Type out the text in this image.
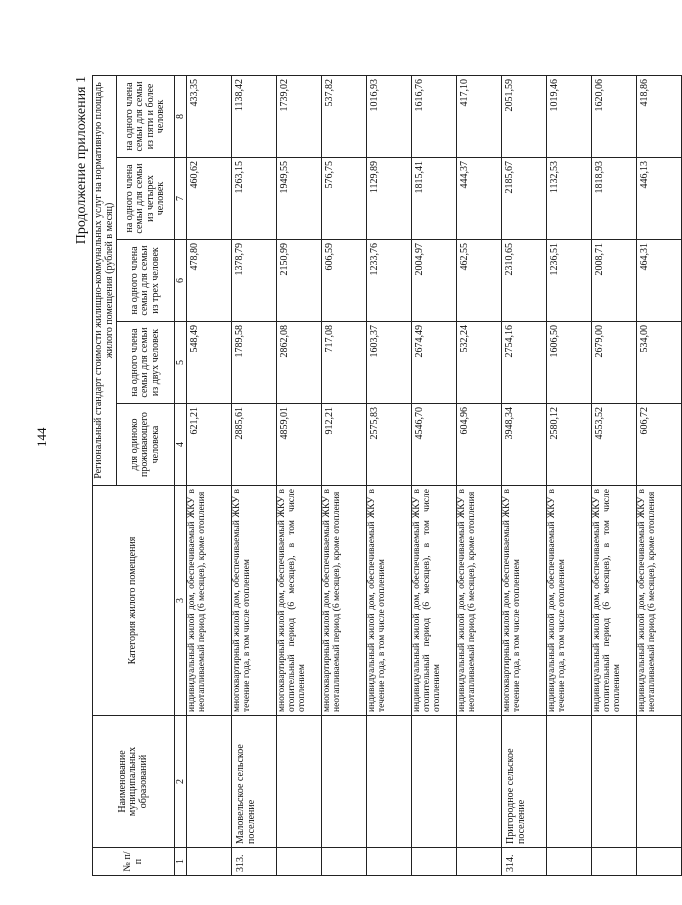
144
Продолжение приложения 1
№ п/п	Наименование муниципальных образований	Категория жилого помещения	Региональный стандарт стоимости жилищно-коммунальных услуг на нормативную площадь жилого помещения (рублей в месяц)				
			для одиноко проживающего человека	на одного члена семьи для семьи из двух человек	на одного члена семьи для семьи из трех человек	на одного члена семьи для семьи из четырех человек	на одного члена семьи для семьи из пяти и более человек
1	2	3	4	5	6	7	8
		индивидуальный жилой дом, обеспечиваемый ЖКУ в неотапливаемый период (6 месяцев), кроме отопления	621,21	548,49	478,80	460,62	433,35
313.	Маловельское сельское поселение	многоквартирный жилой дом, обеспечиваемый ЖКУ в течение года, в том числе отоплением	2885,61	1789,58	1378,79	1263,15	1138,42
		многоквартирный жилой дом, обеспечиваемый ЖКУ в отопительный период (6 месяцев), в том числе отоплением	4859,01	2862,08	2150,99	1949,55	1739,02
		многоквартирный жилой дом, обеспечиваемый ЖКУ в неотапливаемый период (6 месяцев), кроме отопления	912,21	717,08	606,59	576,75	537,82
		индивидуальный жилой дом, обеспечиваемый ЖКУ в течение года, в том числе отоплением	2575,83	1603,37	1233,76	1129,89	1016,93
		индивидуальный жилой дом, обеспечиваемый ЖКУ в отопительный период (6 месяцев), в том числе отоплением	4546,70	2674,49	2004,97	1815,41	1616,76
		индивидуальный жилой дом, обеспечиваемый ЖКУ в неотапливаемый период (6 месяцев), кроме отопления	604,96	532,24	462,55	444,37	417,10
314.	Пригородное сельское поселение	многоквартирный жилой дом, обеспечиваемый ЖКУ в течение года, в том числе отоплением	3948,34	2754,16	2310,65	2185,67	2051,59
		индивидуальный жилой дом, обеспечиваемый ЖКУ в течение года, в том числе отоплением	2580,12	1606,50	1236,51	1132,53	1019,46
		индивидуальный жилой дом, обеспечиваемый ЖКУ в отопительный период (6 месяцев), в том числе отоплением	4553,52	2679,00	2008,71	1818,93	1620,06
		индивидуальный жилой дом, обеспечиваемый ЖКУ в неотапливаемый период (6 месяцев), кроме отопления	606,72	534,00	464,31	446,13	418,86
